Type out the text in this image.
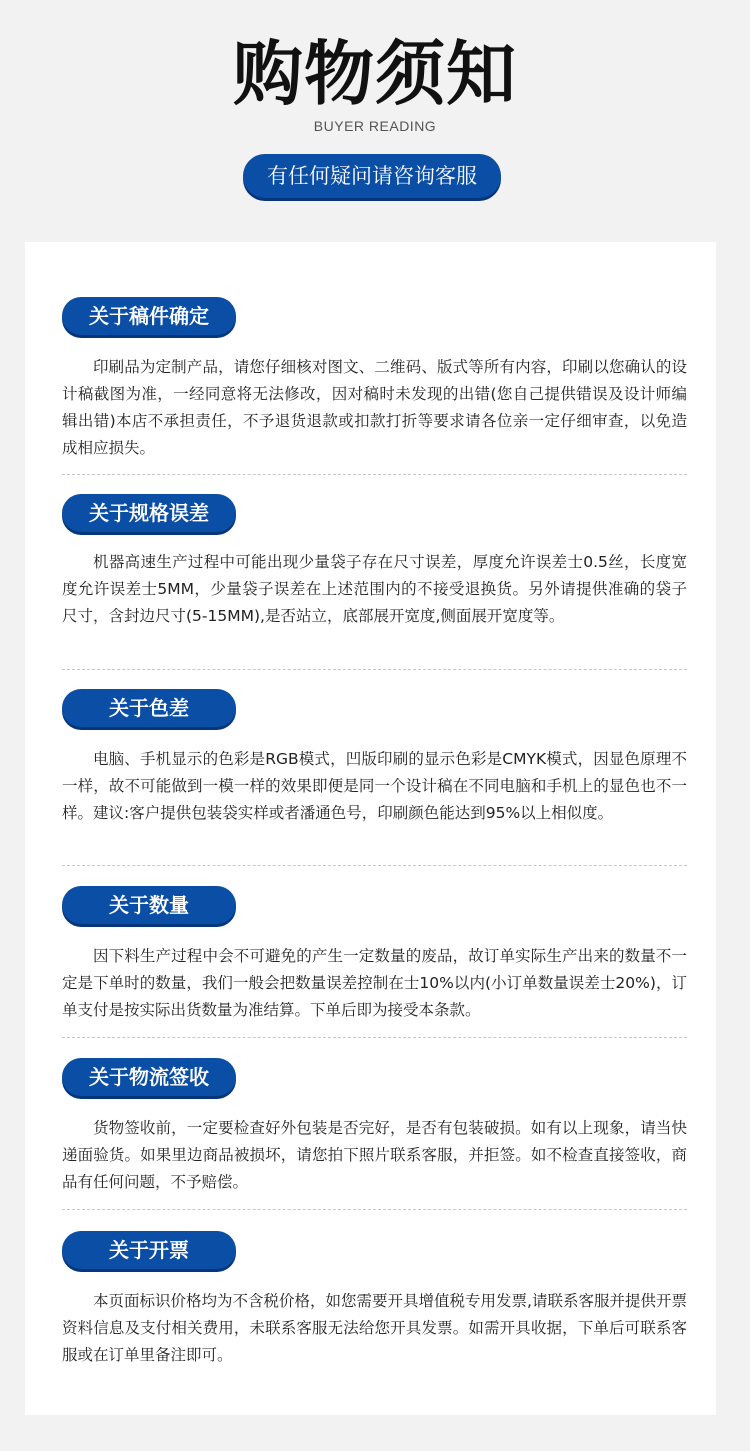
购物须知
BUYER READING
有任何疑问请咨询客服
关于稿件确定
印刷品为定制产品，请您仔细核对图文、二维码、版式等所有内容，印刷以您确认的设计稿截图为准，一经同意将无法修改，因对稿时未发现的出错(您自己提供错误及设计师编辑出错)本店不承担责任，不予退货退款或扣款打折等要求请各位亲一定仔细审查，以免造成相应损失。
关于规格误差
机器高速生产过程中可能出现少量袋子存在尺寸误差，厚度允许误差士0.5丝，长度宽度允许误差士5MM，少量袋子误差在上述范围内的不接受退换货。另外请提供准确的袋子尺寸，含封边尺寸(5-15MM),是否站立，底部展开宽度,侧面展开宽度等。
关于色差
电脑、手机显示的色彩是RGB模式，凹版印刷的显示色彩是CMYK模式，因显色原理不一样，故不可能做到一模一样的效果即便是同一个设计稿在不同电脑和手机上的显色也不一样。建议:客户提供包装袋实样或者潘通色号，印刷颜色能达到95%以上相似度。
关于数量
因下料生产过程中会不可避免的产生一定数量的废品，故订单实际生产出来的数量不一定是下单时的数量，我们一般会把数量误差控制在士10%以内(小订单数量误差士20%)，订单支付是按实际出货数量为准结算。下单后即为接受本条款。
关于物流签收
货物签收前，一定要检查好外包装是否完好，是否有包装破损。如有以上现象，请当快递面验货。如果里边商品被损坏，请您拍下照片联系客服，并拒签。如不检查直接签收，商品有任何问题，不予赔偿。
关于开票
本页面标识价格均为不含税价格，如您需要开具增值税专用发票,请联系客服并提供开票资料信息及支付相关费用，未联系客服无法给您开具发票。如需开具收据，下单后可联系客服或在订单里备注即可。
